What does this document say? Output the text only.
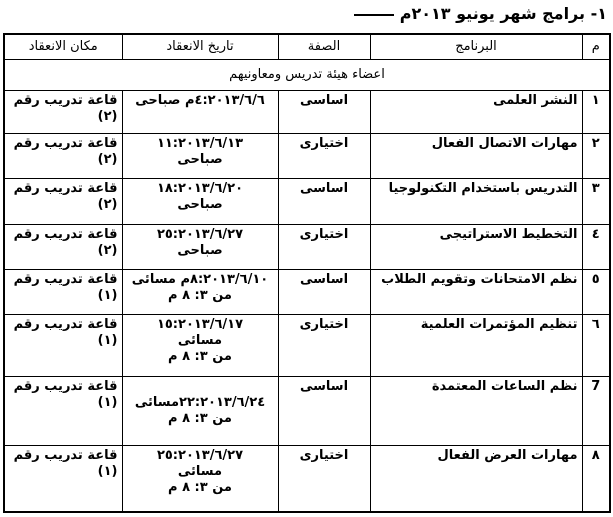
١- برامج شهر يونيو ٢٠١٣م
م	البرنامج	الصفة	تاريخ الانعقاد	مكان الانعقاد
اعضاء هيئة تدريس ومعاونيهم				
١	النشر العلمى	اساسى	٤:٢٠١٣/٦/٦م صباحى	قاعة تدريب رقم
(٢)

٢	مهارات الاتصال الفعال	اختيارى	١١:٢٠١٣/٦/١٣
صباحى	قاعة تدريب رقم
(٢)

٣	التدريس باستخدام التكنولوجيا	اساسى	١٨:٢٠١٣/٦/٢٠
صباحى	قاعة تدريب رقم
(٢)

٤	التخطيط الاستراتيجى	اختيارى	٢٥:٢٠١٣/٦/٢٧
صباحى	قاعة تدريب رقم
(٢)

٥	نظم الامتحانات وتقويم الطلاب	اساسى	٨:٢٠١٣/٦/١٠م مسائى
من ٣: ٨ م	قاعة تدريب رقم
(١)

٦	تنظيم المؤتمرات العلمية	اختيارى	١٥:٢٠١٣/٦/١٧
مسائى
من ٣: ٨ م	قاعة تدريب رقم
(١)

7	نظم الساعات المعتمدة	اساسى	٢٢:٢٠١٣/٦/٢٤مسائى
من ٣: ٨ م	قاعة تدريب رقم
(١)

٨	مهارات العرض الفعال	اختيارى	٢٥:٢٠١٣/٦/٢٧
مسائى
من ٣: ٨ م	قاعة تدريب رقم
(١)
